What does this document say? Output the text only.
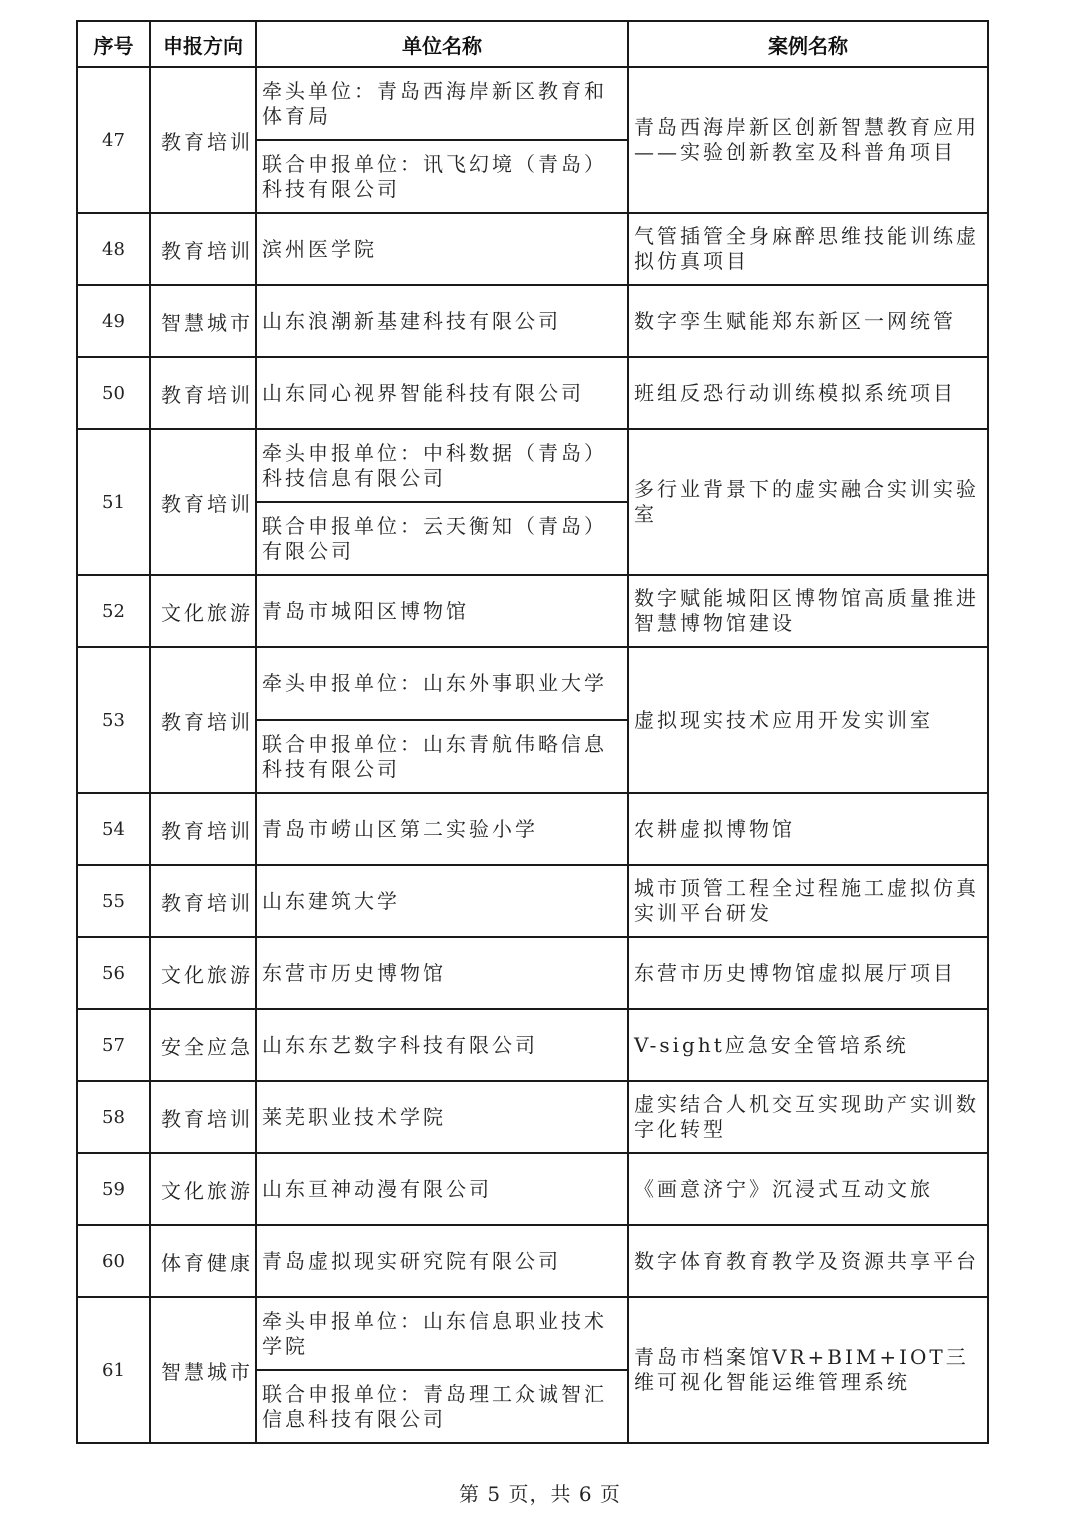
序号	申报方向	单位名称	案例名称
47	教育培训	牵头单位：青岛西海岸新区教育和体育局	青岛西海岸新区创新智慧教育应用——实验创新教室及科普角项目
		联合申报单位：讯飞幻境（青岛）科技有限公司	
48	教育培训	滨州医学院	气管插管全身麻醉思维技能训练虚拟仿真项目
49	智慧城市	山东浪潮新基建科技有限公司	数字孪生赋能郑东新区一网统管
50	教育培训	山东同心视界智能科技有限公司	班组反恐行动训练模拟系统项目
51	教育培训	牵头申报单位：中科数据（青岛）科技信息有限公司	多行业背景下的虚实融合实训实验室
		联合申报单位：云天衡知（青岛）有限公司	
52	文化旅游	青岛市城阳区博物馆	数字赋能城阳区博物馆高质量推进智慧博物馆建设
53	教育培训	牵头申报单位：山东外事职业大学	虚拟现实技术应用开发实训室
		联合申报单位：山东青航伟略信息科技有限公司	
54	教育培训	青岛市崂山区第二实验小学	农耕虚拟博物馆
55	教育培训	山东建筑大学	城市顶管工程全过程施工虚拟仿真实训平台研发
56	文化旅游	东营市历史博物馆	东营市历史博物馆虚拟展厅项目
57	安全应急	山东东艺数字科技有限公司	V-sight应急安全管培系统
58	教育培训	莱芜职业技术学院	虚实结合人机交互实现助产实训数字化转型
59	文化旅游	山东亘神动漫有限公司	《画意济宁》沉浸式互动文旅
60	体育健康	青岛虚拟现实研究院有限公司	数字体育教育教学及资源共享平台
61	智慧城市	牵头申报单位：山东信息职业技术学院	青岛市档案馆VR+BIM+IOT三维可视化智能运维管理系统
		联合申报单位：青岛理工众诚智汇信息科技有限公司	
第 5 页，共 6 页
